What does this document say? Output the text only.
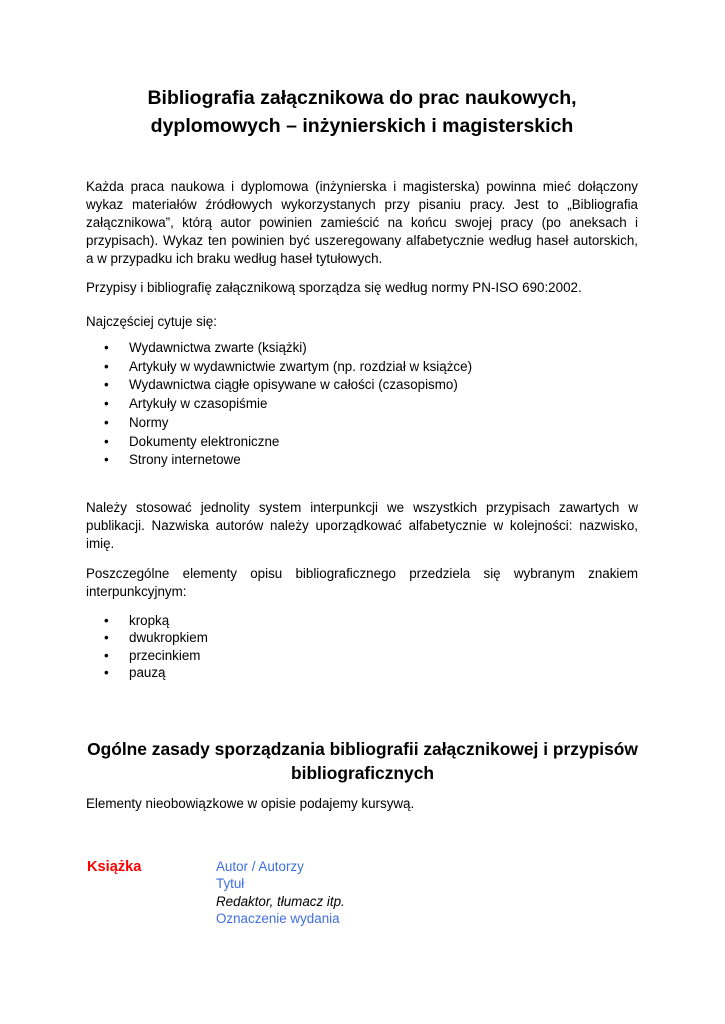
Bibliografia załącznikowa do prac naukowych,
dyplomowych – inżynierskich i magisterskich
Każda praca naukowa i dyplomowa (inżynierska i magisterska) powinna mieć dołączony
wykaz materiałów źródłowych wykorzystanych przy pisaniu pracy. Jest to „Bibliografia
załącznikowa”, którą autor powinien zamieścić na końcu swojej pracy (po aneksach i
przypisach). Wykaz ten powinien być uszeregowany alfabetycznie według haseł autorskich,
a w przypadku ich braku według haseł tytułowych.
Przypisy i bibliografię załącznikową sporządza się według normy PN-ISO 690:2002.
Najczęściej cytuje się:
• Wydawnictwa zwarte (książki)
• Artykuły w wydawnictwie zwartym (np. rozdział w książce)
• Wydawnictwa ciągłe opisywane w całości (czasopismo)
• Artykuły w czasopiśmie
• Normy
• Dokumenty elektroniczne
• Strony internetowe
Należy stosować jednolity system interpunkcji we wszystkich przypisach zawartych w
publikacji. Nazwiska autorów należy uporządkować alfabetycznie w kolejności: nazwisko,
imię.
Poszczególne elementy opisu bibliograficznego przedziela się wybranym znakiem
interpunkcyjnym:
• kropką
• dwukropkiem
• przecinkiem
• pauzą
Ogólne zasady sporządzania bibliografii załącznikowej i przypisów
bibliograficznych
Elementy nieobowiązkowe w opisie podajemy kursywą.
Książka	Autor / Autorzy
Tytuł
Redaktor, tłumacz itp.
Oznaczenie wydania
